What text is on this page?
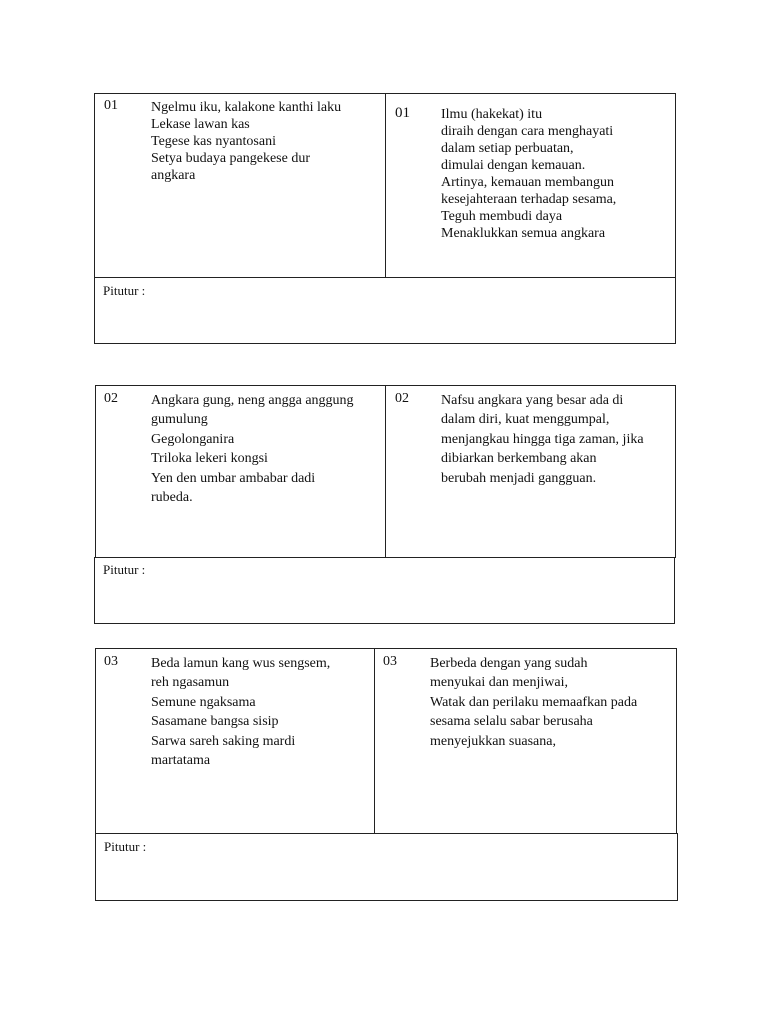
01 Ngelmu iku, kalakone kanthi laku
Lekase lawan kas
Tegese kas nyantosani
Setya budaya pangekese dur
angkara
01 Ilmu (hakekat) itu
diraih dengan cara menghayati
dalam setiap perbuatan,
dimulai dengan kemauan.
Artinya, kemauan membangun
kesejahteraan terhadap sesama,
Teguh membudi daya
Menaklukkan semua angkara
Pitutur :
02 Angkara gung, neng angga anggung
gumulung
Gegolonganira
Triloka lekeri kongsi
Yen den umbar ambabar dadi
rubeda.
02 Nafsu angkara yang besar ada di
dalam diri, kuat menggumpal,
menjangkau hingga tiga zaman, jika
dibiarkan berkembang akan
berubah menjadi gangguan.
Pitutur :
03 Beda lamun kang wus sengsem,
reh ngasamun
Semune ngaksama
Sasamane bangsa sisip
Sarwa sareh saking mardi
martatama
03 Berbeda dengan yang sudah
menyukai dan menjiwai,
Watak dan perilaku memaafkan pada
sesama selalu sabar berusaha
menyejukkan suasana,
Pitutur :
